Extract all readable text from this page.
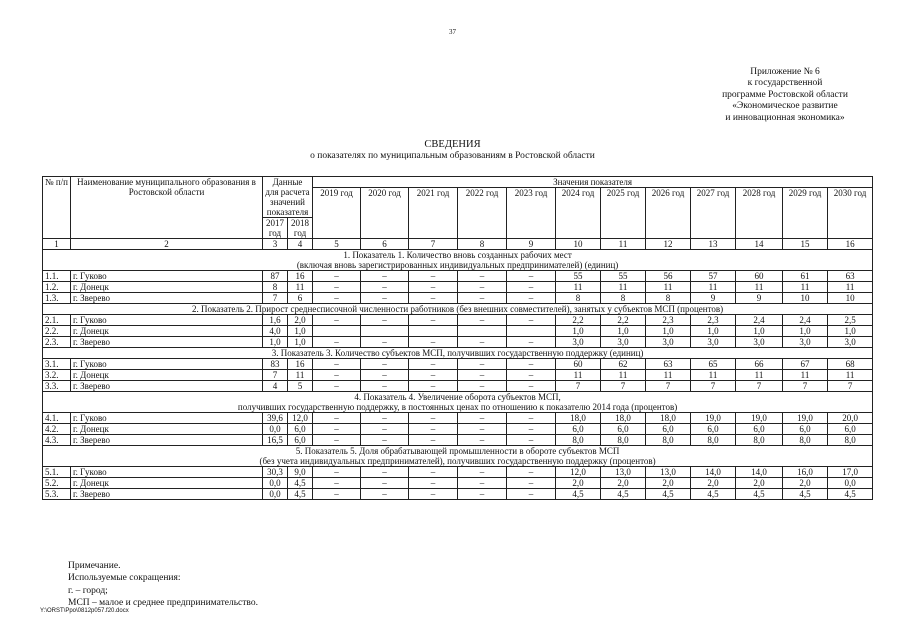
37
Приложение № 6
к государственной
программе Ростовской области
«Экономическое развитие
и инновационная экономика»
СВЕДЕНИЯ
о показателях по муниципальным образованиям в Ростовской области
№ п/п	Наименование муниципального образования в Ростовской области	Данные для расчета значений показателя		Значения показателя											
				2019 год	2020 год	2021 год	2022 год	2023 год	2024 год	2025 год	2026 год	2027 год	2028 год	2029 год	2030 год
		2017 год	2018 год												

1	2	3	4	5	6	7	8	9	10	11	12	13	14	15	16

1. Показатель 1. Количество вновь созданных рабочих мест
(включая вновь зарегистрированных индивидуальных предпринимателей) (единиц)															

1.1.	г. Гуково	87	16	–	–	–	–	–	55	55	56	57	60	61	63
1.2.	г. Донецк	8	11	–	–	–	–	–	11	11	11	11	11	11	11
1.3.	г. Зверево	7	6	–	–	–	–	–	8	8	8	9	9	10	10

2. Показатель 2. Прирост среднесписочной численности работников (без внешних совместителей), занятых у субъектов МСП (процентов)															

2.1.	г. Гуково	1,6	2,0	–	–	–	–	–	2,2	2,2	2,3	2,3	2,4	2,4	2,5
2.2.	г. Донецк	4,0	1,0						1,0	1,0	1,0	1,0	1,0	1,0	1,0
2.3.	г. Зверево	1,0	1,0	–	–	–	–	–	3,0	3,0	3,0	3,0	3,0	3,0	3,0

3. Показатель 3. Количество субъектов МСП, получивших государственную поддержку (единиц)															

3.1.	г. Гуково	83	16	–	–	–	–	–	60	62	63	65	66	67	68
3.2.	г. Донецк	7	11	–	–	–	–	–	11	11	11	11	11	11	11
3.3.	г. Зверево	4	5	–	–	–	–	–	7	7	7	7	7	7	7

4. Показатель 4. Увеличение оборота субъектов МСП,
получивших государственную поддержку, в постоянных ценах по отношению к показателю 2014 года (процентов)															

4.1.	г. Гуково	39,6	12,0	–	–	–	–	–	18,0	18,0	18,0	19,0	19,0	19,0	20,0
4.2.	г. Донецк	0,0	6,0	–	–	–	–	–	6,0	6,0	6,0	6,0	6,0	6,0	6,0
4.3.	г. Зверево	16,5	6,0	–	–	–	–	–	8,0	8,0	8,0	8,0	8,0	8,0	8,0

5. Показатель 5. Доля обрабатывающей промышленности в обороте субъектов МСП
(без учета индивидуальных предпринимателей), получивших государственную поддержку (процентов)															

5.1.	г. Гуково	30,3	9,0	–	–	–	–	–	12,0	13,0	13,0	14,0	14,0	16,0	17,0
5.2.	г. Донецк	0,0	4,5	–	–	–	–	–	2,0	2,0	2,0	2,0	2,0	2,0	0,0
5.3.	г. Зверево	0,0	4,5	–	–	–	–	–	4,5	4,5	4,5	4,5	4,5	4,5	4,5
Примечание.
Используемые сокращения:
г. – город;
МСП – малое и среднее предпринимательство.
Y:\ORST\Ppo\0812p057.f20.docx
